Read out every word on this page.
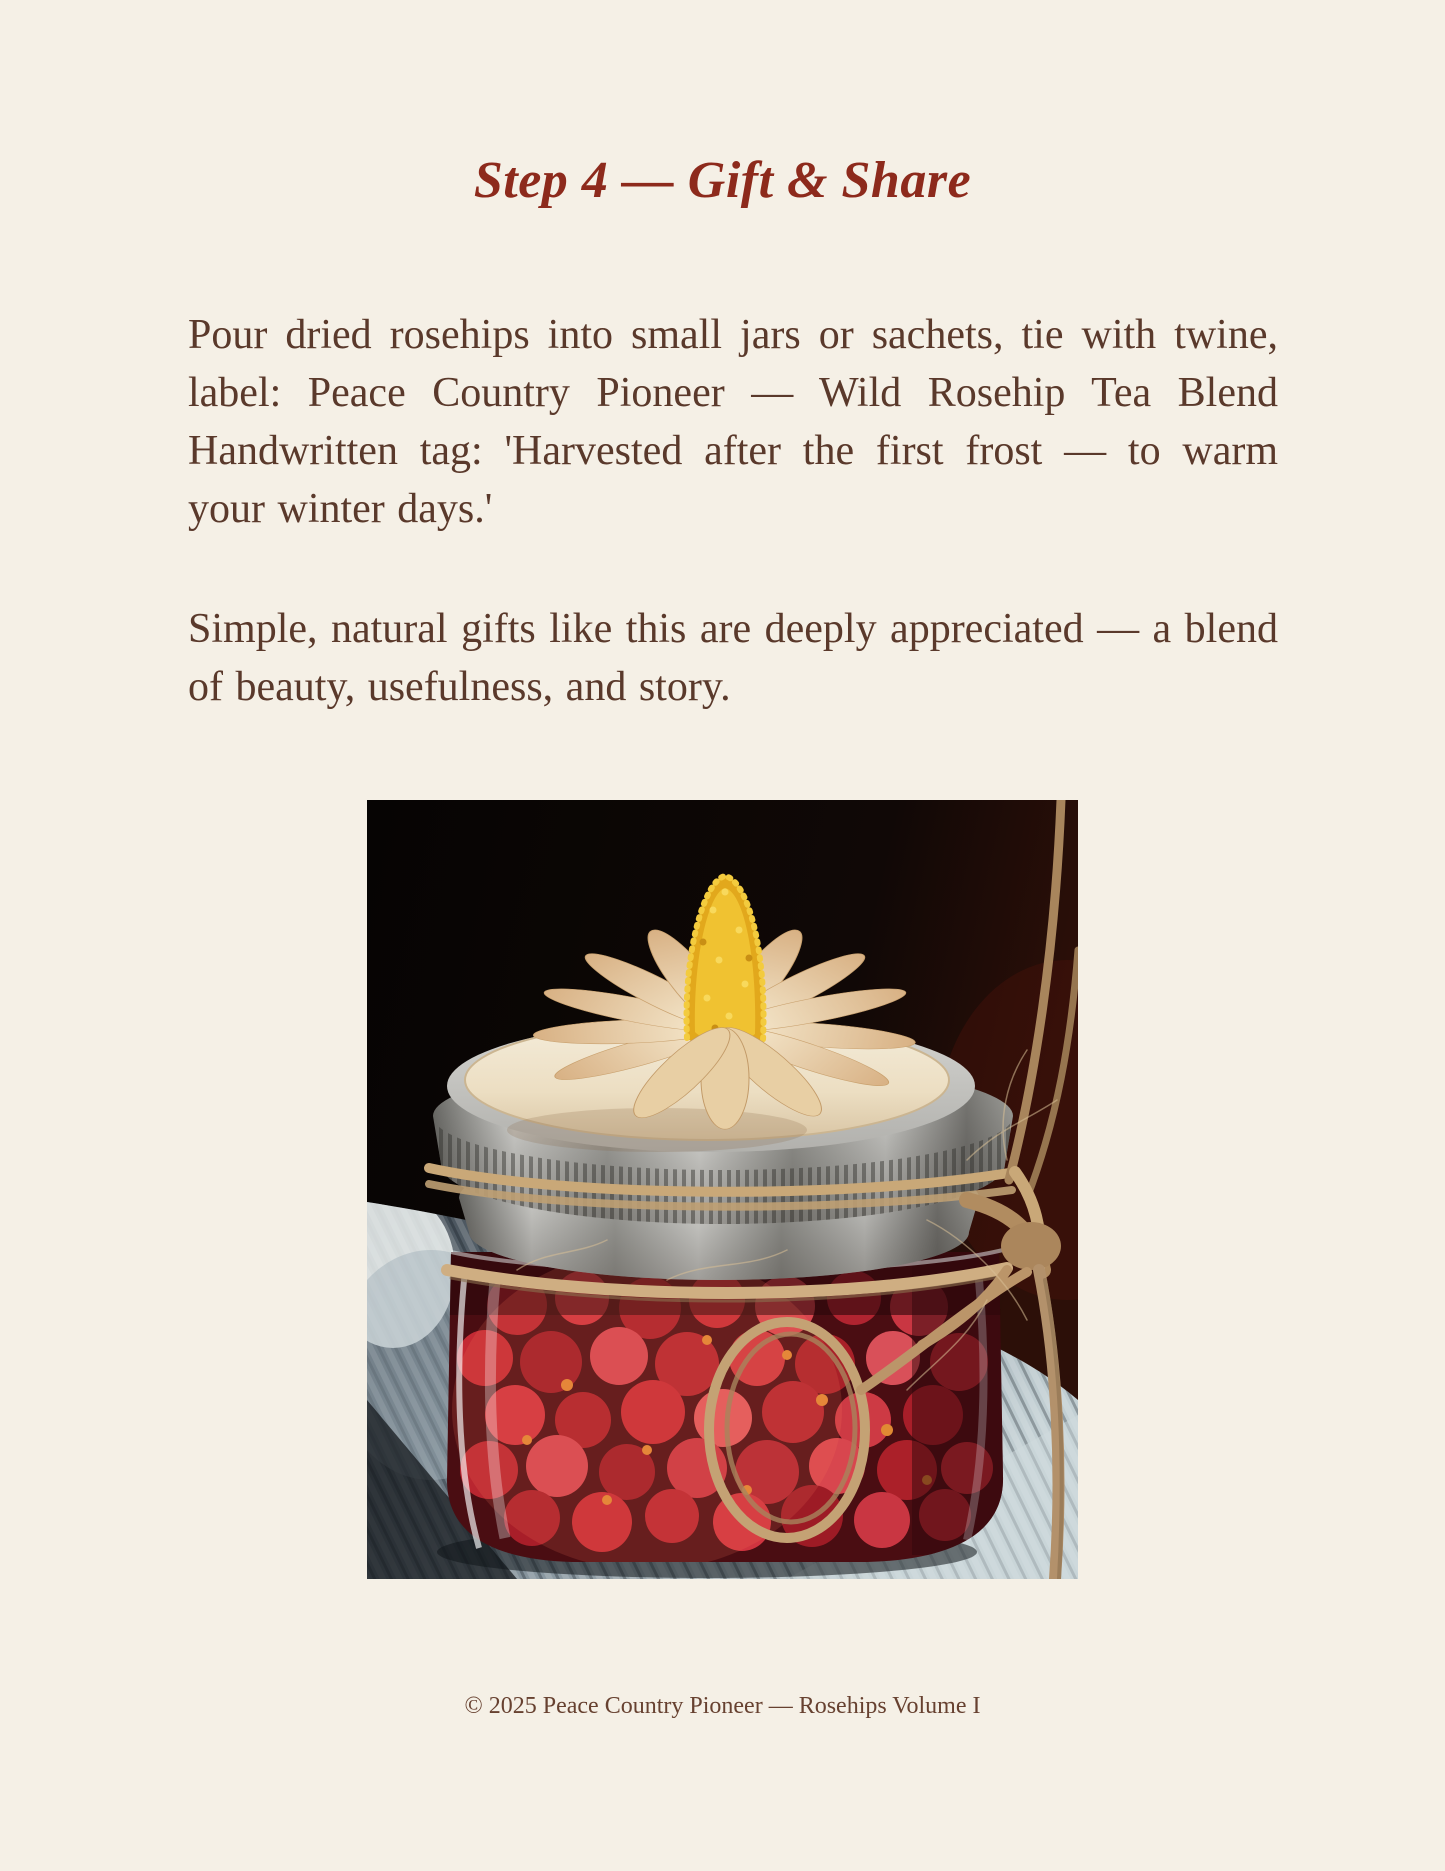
Step 4 — Gift & Share

Pour dried rosehips into small jars or sachets, tie with twine, label: Peace Country Pioneer — Wild Rosehip Tea Blend Handwritten tag: 'Harvested after the first frost — to warm your winter days.'

Simple, natural gifts like this are deeply appreciated — a blend of beauty, usefulness, and story.

© 2025 Peace Country Pioneer — Rosehips Volume I
